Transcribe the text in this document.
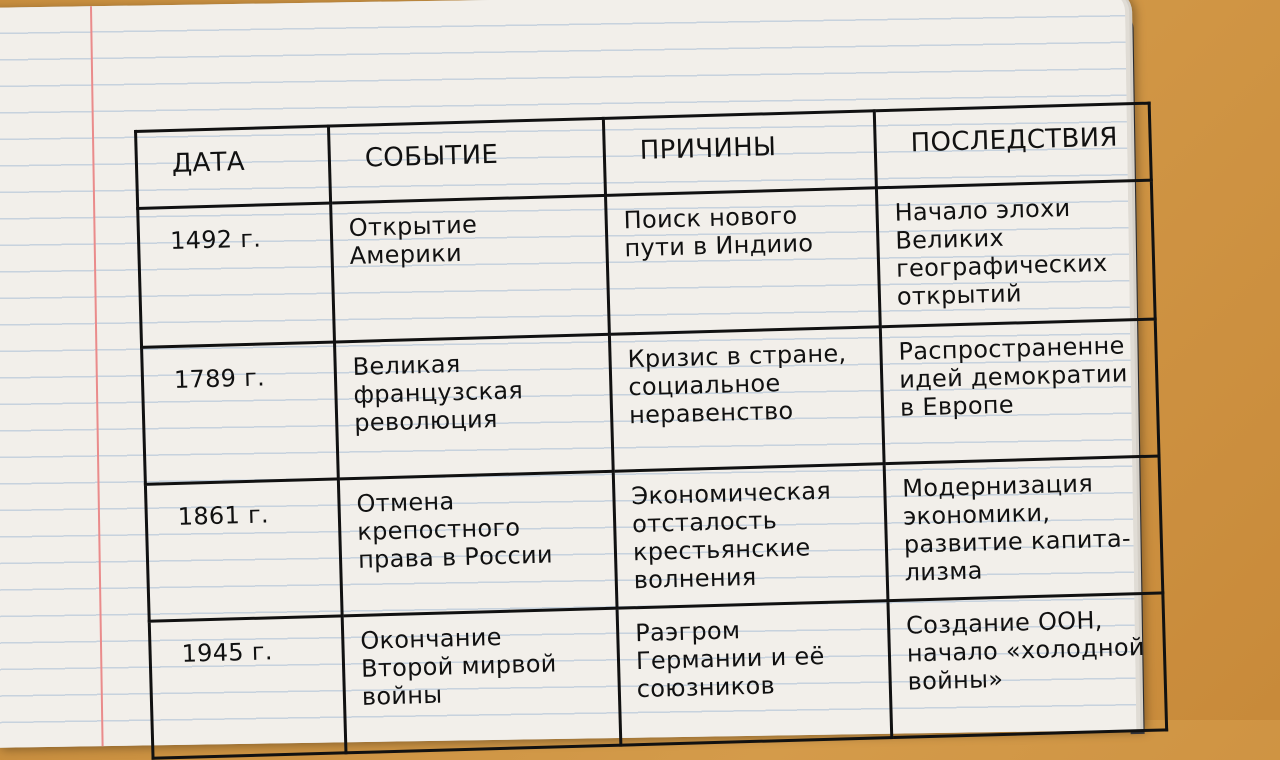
ДАТА	СОБЫТИЕ	ПРИЧИНЫ	ПОСЛЕДСТВИЯ
1492 г.	Открытие Америки	Поиск нового пути в Индиио	Начало элохи Великих географических открытий
1789 г.	Великая французская революция	Кризис в стране, социальное неравенство	Распространенне идей демократии в Европе
1861 г.	Отмена крепостного права в России	Экономическая отсталость крестьянские волнения	Модернизация экономики, развитие капита-лизма
1945 г.	Окончание Второй мирвой войны	Раэгром Германии и её союзников	Создание ООН, начало «холодной войны»
